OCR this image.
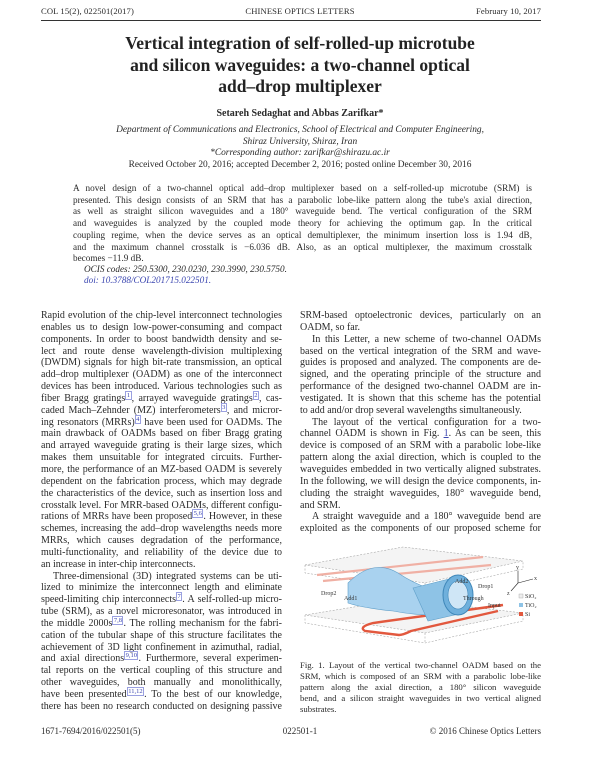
COL 15(2), 022501(2017)	CHINESE OPTICS LETTERS	February 10, 2017
Vertical integration of self-rolled-up microtube
and silicon waveguides: a two-channel optical
add–drop multiplexer
Setareh Sedaghat and Abbas Zarifkar*
Department of Communications and Electronics, School of Electrical and Computer Engineering,
Shiraz University, Shiraz, Iran
*Corresponding author: zarifkar@shirazu.ac.ir
Received October 20, 2016; accepted December 2, 2016; posted online December 30, 2016
A novel design of a two-channel optical add–drop multiplexer based on a self-rolled-up microtube (SRM) is
presented. This design consists of an SRM that has a parabolic lobe-like pattern along the tube's axial direction,
as well as straight silicon waveguides and a 180° waveguide bend. The vertical configuration of the SRM
and waveguides is analyzed by the coupled mode theory for achieving the optimum gap. In the critical
coupling regime, when the device serves as an optical demultiplexer, the minimum insertion loss is 1.94 dB,
and the maximum channel crosstalk is −6.036 dB. Also, as an optical multiplexer, the maximum crosstalk
becomes −11.9 dB.
OCIS codes: 250.5300, 230.0230, 230.3990, 230.5750.
doi: 10.3788/COL201715.022501.
Rapid evolution of the chip-level interconnect technologies
enables us to design low-power-consuming and compact
components. In order to boost bandwidth density and se-
lect and route dense wavelength-division multiplexing
(DWDM) signals for high bit-rate transmission, an optical
add–drop multiplexer (OADM) as one of the interconnect
devices has been introduced. Various technologies such as
fiber Bragg gratings $^1$ , arrayed waveguide gratings $^2$ , cas-
caded Mach–Zehnder (MZ) interferometers $^3$ , and micror-
ing resonators (MRRs) $^4$ have been used for OADMs. The
main drawback of OADMs based on fiber Bragg grating
and arrayed waveguide grating is their large sizes, which
makes them unsuitable for integrated circuits. Further-
more, the performance of an MZ-based OADM is severely
dependent on the fabrication process, which may degrade
the characteristics of the device, such as insertion loss and
crosstalk level. For MRR-based OADMs, different configu-
rations of MRRs have been proposed $^{5,6}$ . However, in these
schemes, increasing the add–drop wavelengths needs more
MRRs, which causes degradation of the performance,
multi-functionality, and reliability of the device due to
an increase in inter-chip interconnects.
Three-dimensional (3D) integrated systems can be uti-
lized to minimize the interconnect length and eliminate
speed-limiting chip interconnects $^7$ . A self-rolled-up micro-
tube (SRM), as a novel microresonator, was introduced in
the middle 2000s $^{7,8}$ . The rolling mechanism for the fabri-
cation of the tubular shape of this structure facilitates the
achievement of 3D light confinement in azimuthal, radial,
and axial directions $^{9,10}$ . Furthermore, several experimen-
tal reports on the vertical coupling of this structure and
other waveguides, both manually and monolithically,
have been presented $^{11,12}$ . To the best of our knowledge,
there has been no research conducted on designing passive
SRM-based optoelectronic devices, particularly on an
OADM, so far.
In this Letter, a new scheme of two-channel OADMs
based on the vertical integration of the SRM and wave-
guides is proposed and analyzed. The components are de-
signed, and the operating principle of the structure and
performance of the designed two-channel OADM are in-
vestigated. It is shown that this scheme has the potential
to add and/or drop several wavelengths simultaneously.
The layout of the vertical configuration for a two-
channel OADM is shown in Fig. 1. As can be seen, this
device is composed of an SRM with a parabolic lobe-like
pattern along the axial direction, which is coupled to the
waveguides embedded in two vertically aligned substrates.
In the following, we will design the device components, in-
cluding the straight waveguides, 180° waveguide bend,
and SRM.
A straight waveguide and a 180° waveguide bend are
exploited as the components of our proposed scheme for
x
y
z
Drop2
Add1
Add2
Drop1
Through
Input
SiO₂
TiO₂
Si
Fig. 1. Layout of the vertical two-channel OADM based on the
SRM, which is composed of an SRM with a parabolic lobe-like
pattern along the axial direction, a 180° silicon waveguide
bend, and a silicon straight waveguides in two vertical aligned
substrates.
1671-7694/2016/022501(5)	022501-1	© 2016 Chinese Optics Letters
